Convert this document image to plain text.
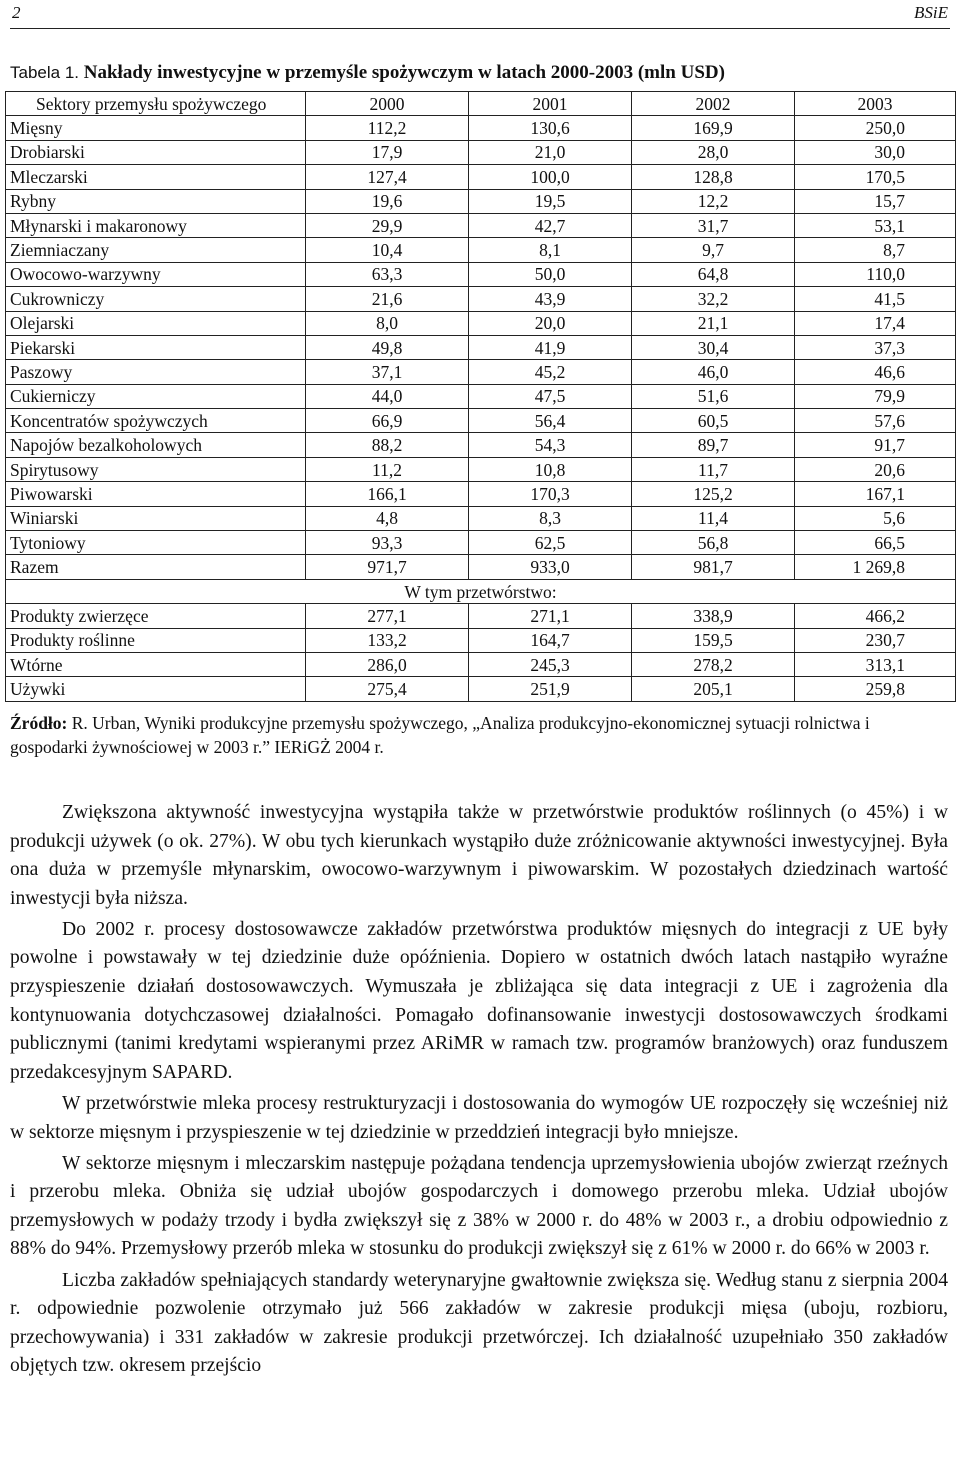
2	BSiE
Tabela 1. Nakłady inwestycyjne w przemyśle spożywczym w latach 2000-2003 (mln USD)
Sektory przemysłu spożywczego	2000	2001	2002	2003
Mięsny	112,2	130,6	169,9	250,0
Drobiarski	17,9	21,0	28,0	30,0
Mleczarski	127,4	100,0	128,8	170,5
Rybny	19,6	19,5	12,2	15,7
Młynarski i makaronowy	29,9	42,7	31,7	53,1
Ziemniaczany	10,4	8,1	9,7	8,7
Owocowo-warzywny	63,3	50,0	64,8	110,0
Cukrowniczy	21,6	43,9	32,2	41,5
Olejarski	8,0	20,0	21,1	17,4
Piekarski	49,8	41,9	30,4	37,3
Paszowy	37,1	45,2	46,0	46,6
Cukierniczy	44,0	47,5	51,6	79,9
Koncentratów spożywczych	66,9	56,4	60,5	57,6
Napojów bezalkoholowych	88,2	54,3	89,7	91,7
Spirytusowy	11,2	10,8	11,7	20,6
Piwowarski	166,1	170,3	125,2	167,1
Winiarski	4,8	8,3	11,4	5,6
Tytoniowy	93,3	62,5	56,8	66,5
Razem	971,7	933,0	981,7	1 269,8
W tym przetwórstwo:				
Produkty zwierzęce	277,1	271,1	338,9	466,2
Produkty roślinne	133,2	164,7	159,5	230,7
Wtórne	286,0	245,3	278,2	313,1
Używki	275,4	251,9	205,1	259,8
Źródło: R. Urban, Wyniki produkcyjne przemysłu spożywczego, „Analiza produkcyjno-ekonomicznej sytuacji rolnictwa i gospodarki żywnościowej w 2003 r.” IERiGŻ 2004 r.

Zwiększona aktywność inwestycyjna wystąpiła także w przetwórstwie produktów roślinnych (o 45%) i w produkcji używek (o ok. 27%). W obu tych kierunkach wystąpiło duże zróżnicowanie aktywności inwestycyjnej. Była ona duża w przemyśle młynarskim, owocowo-warzywnym i piwowarskim. W pozostałych dziedzinach wartość inwestycji była niższa.

Do 2002 r. procesy dostosowawcze zakładów przetwórstwa produktów mięsnych do integracji z UE były powolne i powstawały w tej dziedzinie duże opóźnienia. Dopiero w ostatnich dwóch latach nastąpiło wyraźne przyspieszenie działań dostosowawczych. Wymuszała je zbliżająca się data integracji z UE i zagrożenia dla kontynuowania dotychczasowej działalności. Pomagało dofinansowanie inwestycji dostosowawczych środkami publicznymi (tanimi kredytami wspieranymi przez ARiMR w ramach tzw. programów branżowych) oraz funduszem przedakcesyjnym SAPARD.

W przetwórstwie mleka procesy restrukturyzacji i dostosowania do wymogów UE rozpoczęły się wcześniej niż w sektorze mięsnym i przyspieszenie w tej dziedzinie w przeddzień integracji było mniejsze.

W sektorze mięsnym i mleczarskim następuje pożądana tendencja uprzemysłowienia ubojów zwierząt rzeźnych i przerobu mleka. Obniża się udział ubojów gospodarczych i domowego przerobu mleka. Udział ubojów przemysłowych w podaży trzody i bydła zwiększył się z 38% w 2000 r. do 48% w 2003 r., a drobiu odpowiednio z 88% do 94%. Przemysłowy przerób mleka w stosunku do produkcji zwiększył się z 61% w 2000 r. do 66% w 2003 r.

Liczba zakładów spełniających standardy weterynaryjne gwałtownie zwiększa się. Według stanu z sierpnia 2004 r. odpowiednie pozwolenie otrzymało już 566 zakładów w zakresie produkcji mięsa (uboju, rozbioru, przechowywania) i 331 zakładów w zakresie produkcji przetwórczej. Ich działalność uzupełniało 350 zakładów objętych tzw. okresem przejścio
